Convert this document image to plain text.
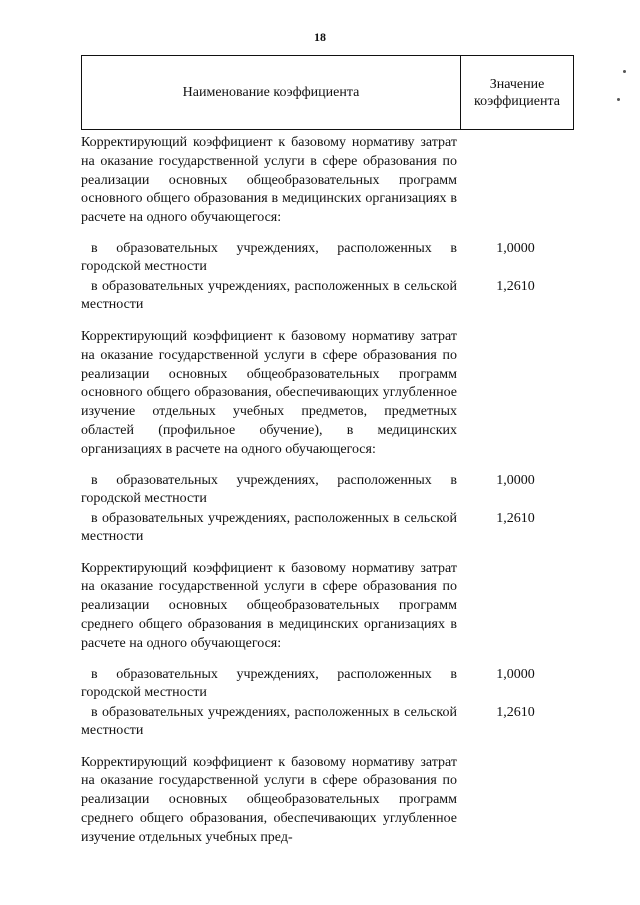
18
Наименование коэффициента
Значение
коэффициента
Корректирующий коэффициент к базовому нормативу затрат на оказание государственной услуги в сфере образования по реализации основных общеобразовательных программ основного общего образования в медицинских организациях в расчете на одного обучающегося:
в образовательных учреждениях, расположенных в городской местности
1,0000
в образовательных учреждениях, расположенных в сельской местности
1,2610
Корректирующий коэффициент к базовому нормативу затрат на оказание государственной услуги в сфере образования по реализации основных общеобразовательных программ основного общего образования, обеспечивающих углубленное изучение отдельных учебных предметов, предметных областей (профильное обучение), в медицинских организациях в расчете на одного обучающегося:
в образовательных учреждениях, расположенных в городской местности
1,0000
в образовательных учреждениях, расположенных в сельской местности
1,2610
Корректирующий коэффициент к базовому нормативу затрат на оказание государственной услуги в сфере образования по реализации основных общеобразовательных программ среднего общего образования в медицинских организациях в расчете на одного обучающегося:
в образовательных учреждениях, расположенных в городской местности
1,0000
в образовательных учреждениях, расположенных в сельской местности
1,2610
Корректирующий коэффициент к базовому нормативу затрат на оказание государственной услуги в сфере образования по реализации основных общеобразовательных программ среднего общего образования, обеспечивающих углубленное изучение отдельных учебных пред-
